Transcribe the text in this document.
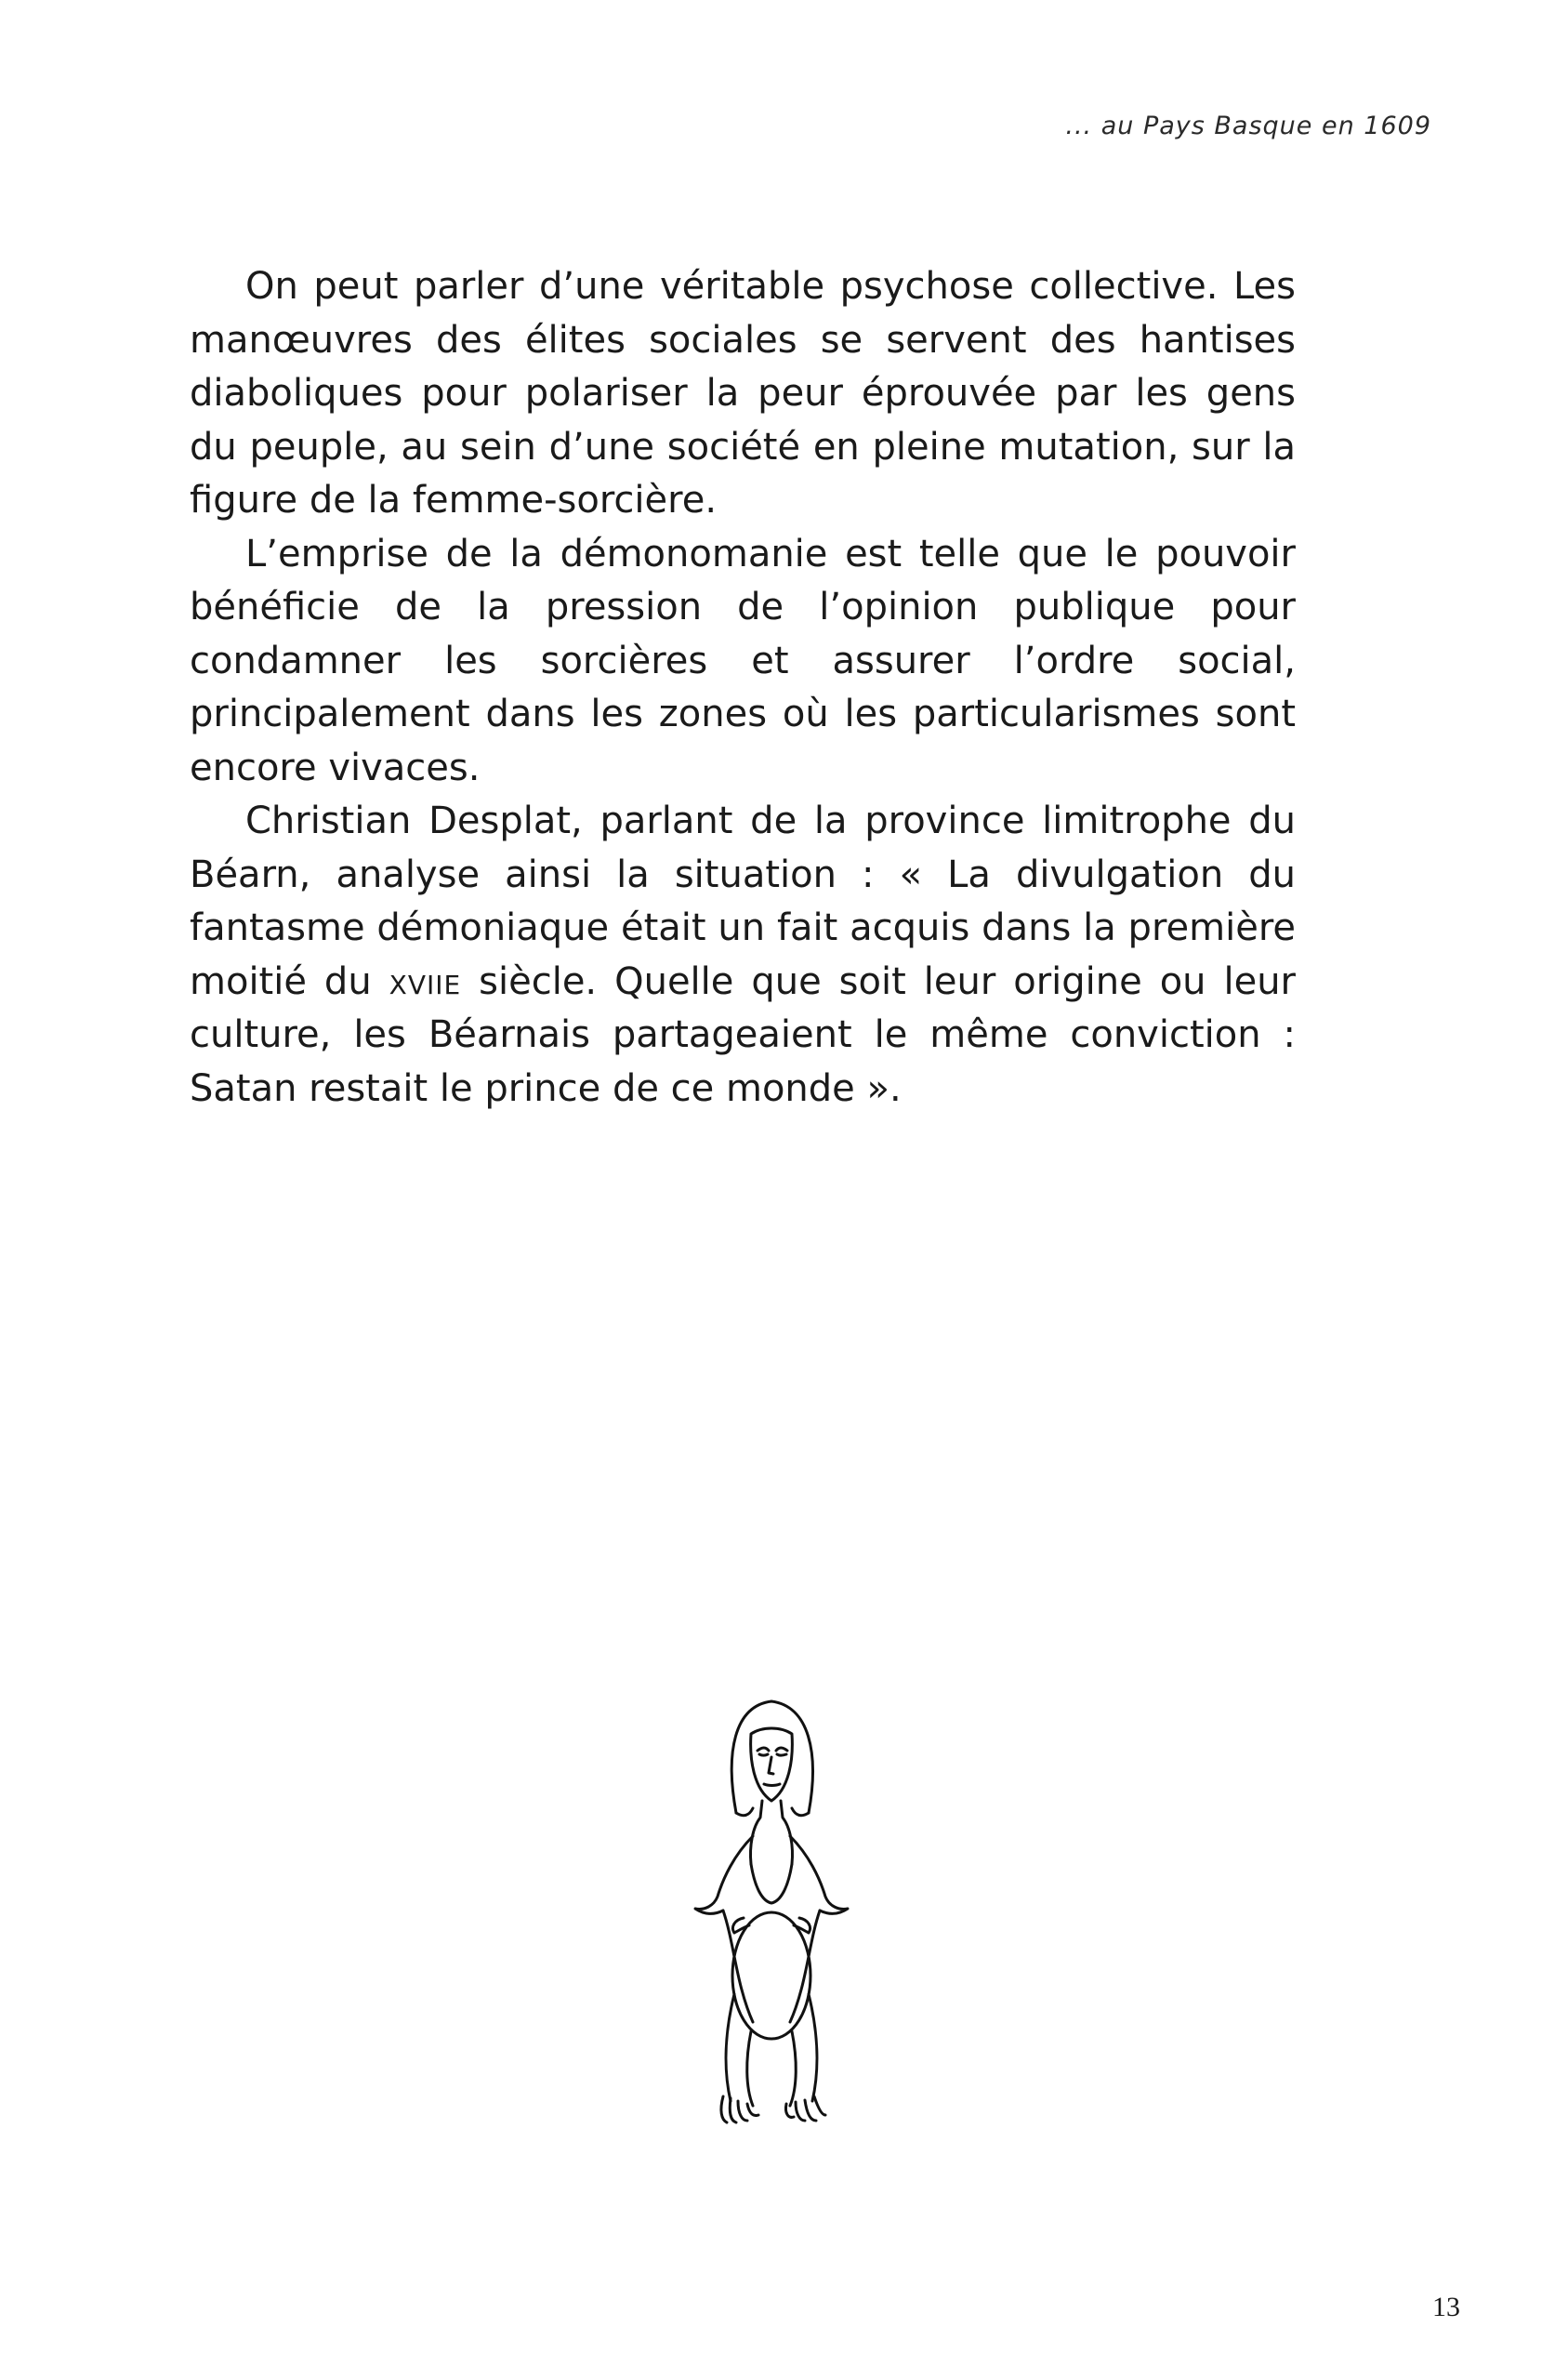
... au Pays Basque en 1609

On peut parler d’une véritable psychose collective. Les manœuvres des élites sociales se servent des hantises diaboliques pour polariser la peur éprouvée par les gens du peuple, au sein d’une société en pleine mutation, sur la figure de la femme-sorcière.

L’emprise de la démonomanie est telle que le pouvoir bénéficie de la pression de l’opinion publique pour condamner les sorcières et assurer l’ordre social, principalement dans les zones où les particularismes sont encore vivaces.

Christian Desplat, parlant de la province limitrophe du Béarn, analyse ainsi la situation : « La divulgation du fantasme démoniaque était un fait acquis dans la première moitié du xviie siècle. Quelle que soit leur origine ou leur culture, les Béarnais partageaient le même conviction : Satan restait le prince de ce monde ».

13
